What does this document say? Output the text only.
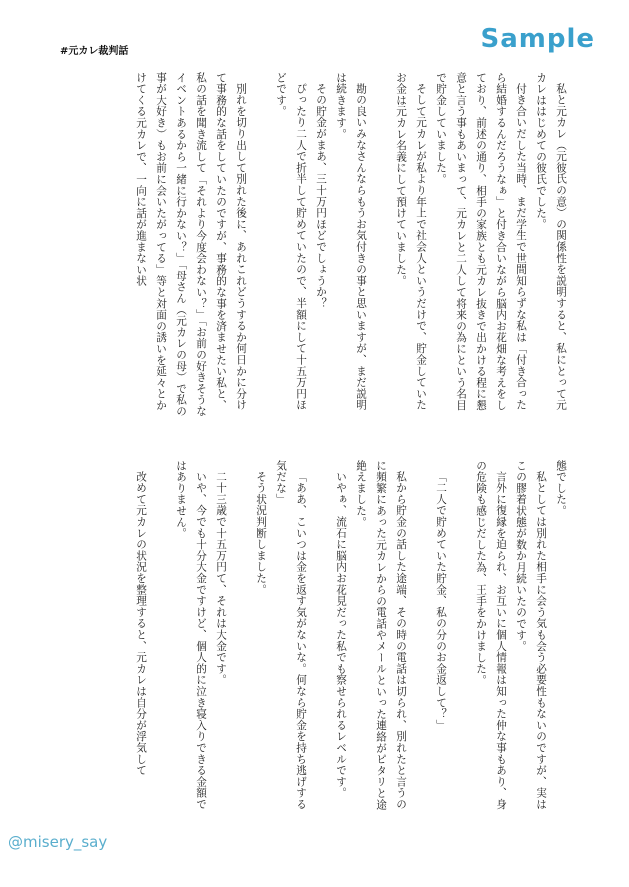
#元カレ裁判話	Sample

私と元カレ（元彼氏の意）の関係性を説明すると、私にとって元カレははじめての彼氏でした。

付き合いだした当時、まだ学生で世間知らずな私は「付き合ったら結婚するんだろうなぁ」と付き合いながら脳内お花畑な考えをしており、前述の通り、相手の家族とも元カレ抜きで出かける程に懇意と言う事もあいまって、元カレと二人して将来の為にという名目で貯金していました。

そして元カレが私より年上で社会人というだけで、貯金していたお金は元カレ名義にして預けていました。

勘の良いみなさんならもうお気付きの事と思いますが、まだ説明は続きます。

その貯金がまあ、三十万円ほどでしょうか？

ぴったり二人で折半して貯めていたので、半額にして十五万円ほどです。

別れを切り出して別れた後に、あれこれどうするか何日かに分けて事務的な話をしていたのですが、事務的な事を済ませたい私と、私の話を聞き流して「それより今度会わない？」「お前の好きそうなイベントあるから一緒に行かない？」「母さん（元カレの母）で私の事が大好き）もお前に会いたがってる」等と対面の誘いを延々とかけてくる元カレで、一向に話が進まない状

態でした。

私としては別れた相手に会う気も会う必要性もないのですが、実はこの膠着状態が数か月続いたのです。

言外に復縁を迫られ、お互いに個人情報は知った仲な事もあり、身の危険も感じだした為、王手をかけました。

「二人で貯めていた貯金、私の分のお金返して？」

私から貯金の話した途端、その時の電話は切られ、別れたと言うのに頻繁にあった元カレからの電話やメールといった連絡がピタリと途絶えました。

いやぁ、流石に脳内お花見だった私でも察せられるレベルです。

「ああ、こいつは金を返す気がないな。何なら貯金を持ち逃げする気だな」

そう状況判断しました。

二十三歳で十五万円て、それは大金です。

いや、今でも十分大金ですけど、個人的に泣き寝入りできる金額ではありません。

改めて元カレの状況を整理すると、元カレは自分が浮気して

@misery_say
